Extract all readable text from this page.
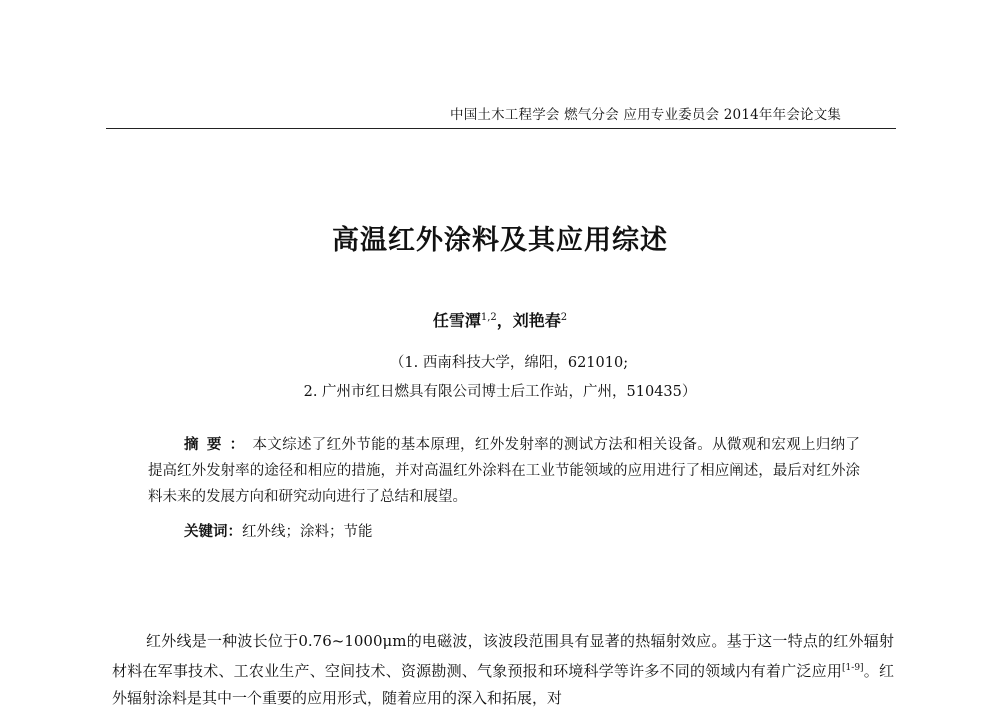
中国土木工程学会 燃气分会 应用专业委员会 2014年年会论文集
高温红外涂料及其应用综述
任雪潭$^{1,2}$，刘艳春$^2$
（1. 西南科技大学，绵阳，621010;
2. 广州市红日燃具有限公司博士后工作站，广州，510435）
摘要：本文综述了红外节能的基本原理，红外发射率的测试方法和相关设备。从微观和宏观上归纳了提高红外发射率的途径和相应的措施，并对高温红外涂料在工业节能领域的应用进行了相应阐述，最后对红外涂料未来的发展方向和研究动向进行了总结和展望。
关键词：红外线；涂料；节能
红外线是一种波长位于0.76~1000μm的电磁波，该波段范围具有显著的热辐射效应。基于这一特点的红外辐射材料在军事技术、工农业生产、空间技术、资源勘测、气象预报和环境科学等许多不同的领域内有着广泛应用[1-9]。红外辐射涂料是其中一个重要的应用形式，随着应用的深入和拓展，对
